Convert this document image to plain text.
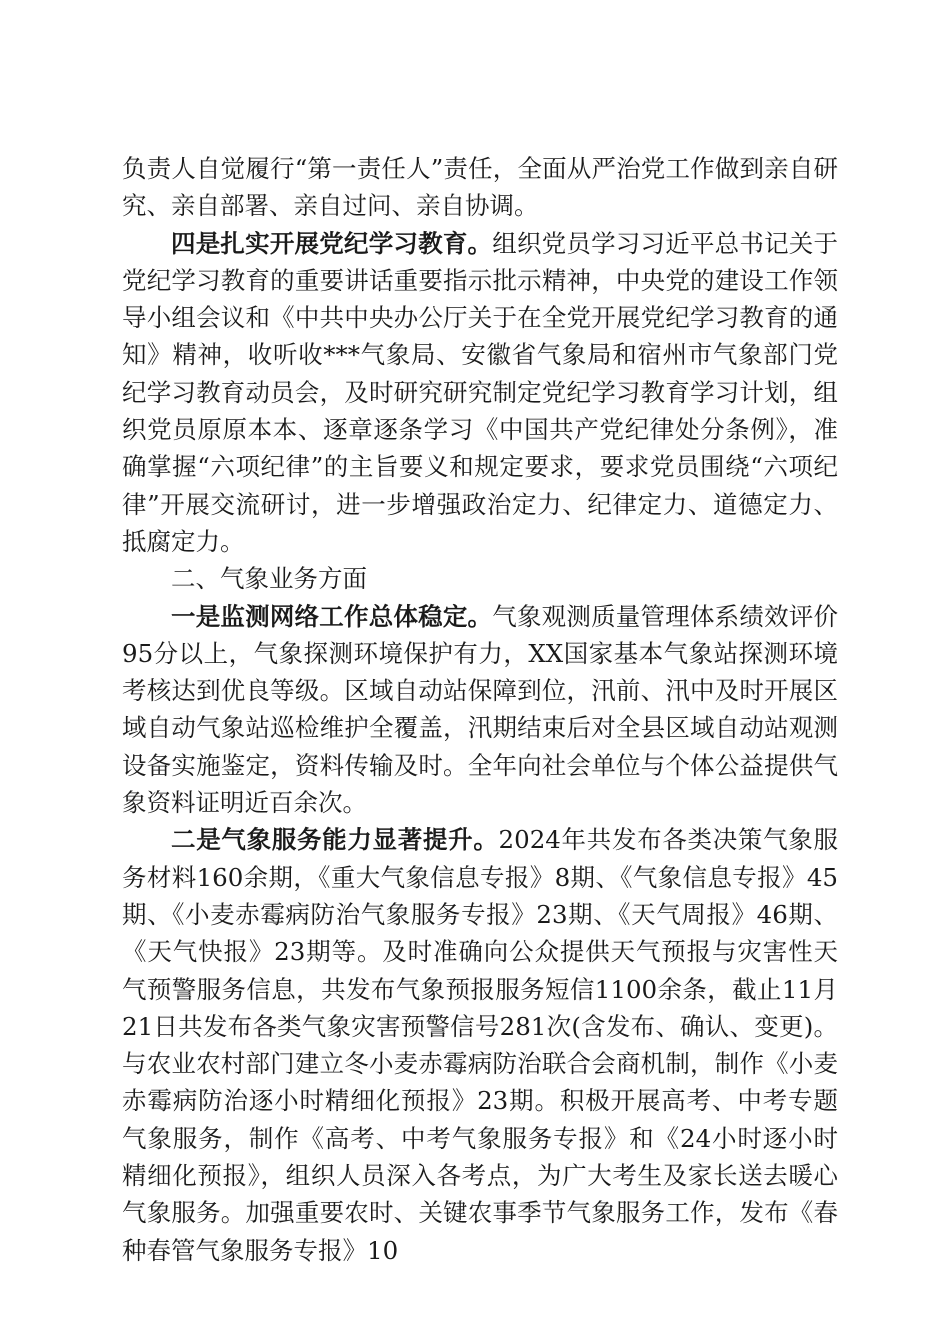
负责人自觉履行“第一责任人”责任，全面从严治党工作做到亲自研究、亲自部署、亲自过问、亲自协调。

四是扎实开展党纪学习教育。组织党员学习习近平总书记关于党纪学习教育的重要讲话重要指示批示精神，中央党的建设工作领导小组会议和《中共中央办公厅关于在全党开展党纪学习教育的通知》精神，收听收***气象局、安徽省气象局和宿州市气象部门党纪学习教育动员会，及时研究研究制定党纪学习教育学习计划，组织党员原原本本、逐章逐条学习《中国共产党纪律处分条例》，准确掌握“六项纪律”的主旨要义和规定要求，要求党员围绕“六项纪律”开展交流研讨，进一步增强政治定力、纪律定力、道德定力、抵腐定力。

二、气象业务方面

一是监测网络工作总体稳定。气象观测质量管理体系绩效评价95分以上，气象探测环境保护有力，XX国家基本气象站探测环境考核达到优良等级。区域自动站保障到位，汛前、汛中及时开展区域自动气象站巡检维护全覆盖，汛期结束后对全县区域自动站观测设备实施鉴定，资料传输及时。全年向社会单位与个体公益提供气象资料证明近百余次。

二是气象服务能力显著提升。2024年共发布各类决策气象服务材料160余期，《重大气象信息专报》8期、《气象信息专报》45期、《小麦赤霉病防治气象服务专报》23期、《天气周报》46期、《天气快报》23期等。及时准确向公众提供天气预报与灾害性天气预警服务信息，共发布气象预报服务短信1100余条，截止11月21日共发布各类气象灾害预警信号281次(含发布、确认、变更)。与农业农村部门建立冬小麦赤霉病防治联合会商机制，制作《小麦赤霉病防治逐小时精细化预报》23期。积极开展高考、中考专题气象服务，制作《高考、中考气象服务专报》和《24小时逐小时精细化预报》，组织人员深入各考点，为广大考生及家长送去暖心气象服务。加强重要农时、关键农事季节气象服务工作，发布《春种春管气象服务专报》10
